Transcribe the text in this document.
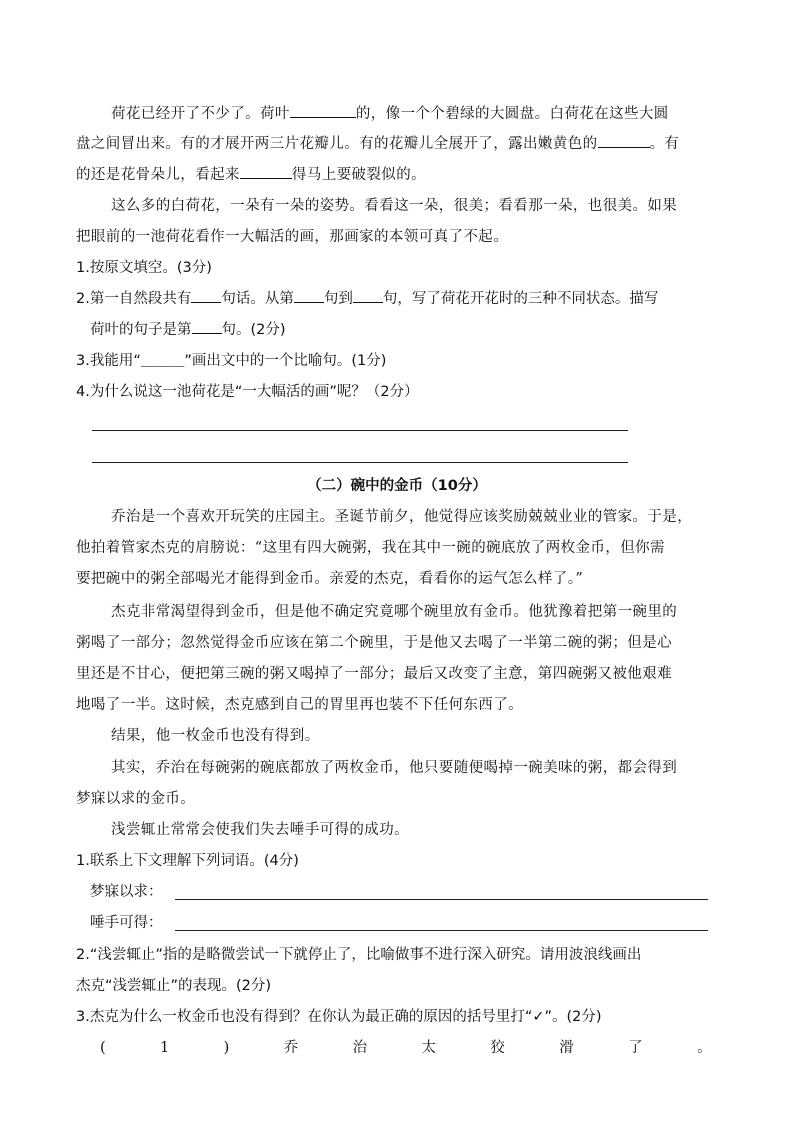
荷花已经开了不少了。荷叶	的，像一个个碧绿的大圆盘。白荷花在这些大圆
盘之间冒出来。有的才展开两三片花瓣儿。有的花瓣儿全展开了，露出嫩黄色的	。有
的还是花骨朵儿，看起来	得马上要破裂似的。
这么多的白荷花，一朵有一朵的姿势。看看这一朵，很美；看看那一朵，也很美。如果
把眼前的一池荷花看作一大幅活的画，那画家的本领可真了不起。
1.按原文填空。(3分)
2.第一自然段共有 句话。从第 句到 句，写了荷花开花时的三种不同状态。描写
荷叶的句子是第 句。(2分)
3.我能用“＿＿＿”画出文中的一个比喻句。(1分)
4.为什么说这一池荷花是“一大幅活的画”呢？（2分）
（二）碗中的金币（10分）
乔治是一个喜欢开玩笑的庄园主。圣诞节前夕，他觉得应该奖励兢兢业业的管家。于是，
他拍着管家杰克的肩膀说：“这里有四大碗粥，我在其中一碗的碗底放了两枚金币，但你需
要把碗中的粥全部喝光才能得到金币。亲爱的杰克，看看你的运气怎么样了。”
杰克非常渴望得到金币，但是他不确定究竟哪个碗里放有金币。他犹豫着把第一碗里的
粥喝了一部分；忽然觉得金币应该在第二个碗里，于是他又去喝了一半第二碗的粥；但是心
里还是不甘心，便把第三碗的粥又喝掉了一部分；最后又改变了主意，第四碗粥又被他艰难
地喝了一半。这时候，杰克感到自己的胃里再也装不下任何东西了。
结果，他一枚金币也没有得到。
其实，乔治在每碗粥的碗底都放了两枚金币，他只要随便喝掉一碗美味的粥，都会得到
梦寐以求的金币。
浅尝辄止常常会使我们失去唾手可得的成功。
1.联系上下文理解下列词语。(4分)
梦寐以求：
唾手可得：
2.“浅尝辄止”指的是略微尝试一下就停止了，比喻做事不进行深入研究。请用波浪线画出
杰克“浅尝辄止”的表现。(2分)
3.杰克为什么一枚金币也没有得到？在你认为最正确的原因的括号里打“✓”。(2分)
(	1	)	乔	治	太	狡	滑	了	。
